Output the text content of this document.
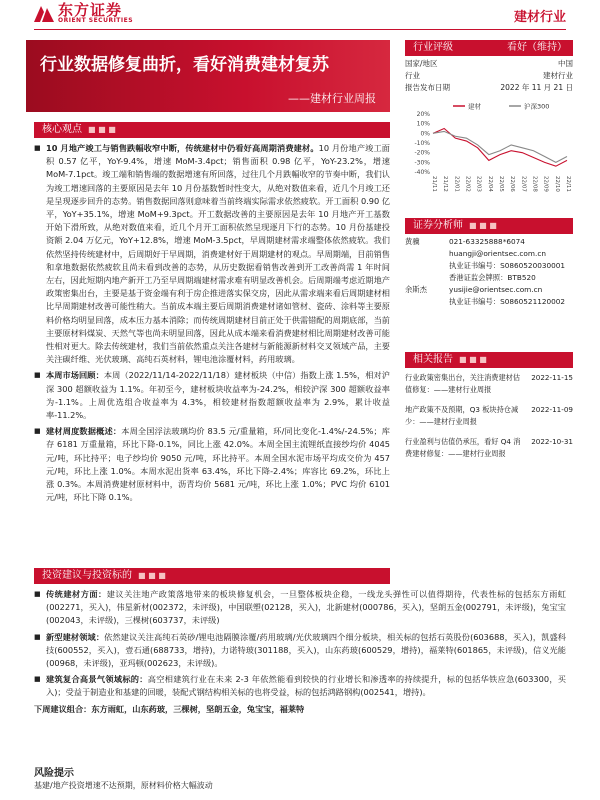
东方证券
ORIENT SECURITIES	建材行业
行业数据修复曲折，看好消费建材复苏
——建材行业周报
行业评级	看好（维持）
国家/地区	中国
行业	建材行业
报告发布日期	2022 年 11 月 21 日
建材	沪深300
20%
10%
0%
-10%
-20%
-30%
-40%
21/11 21/12 22/01 22/02 22/03 22/04 22/05 22/06 22/07 22/08 22/09 22/10 22/11
证券分析师 ■ ■ ■
黄骥	021-63325888*6074
huangji@orientsec.com.cn
执业证书编号：S0860520030001
香港证监会牌照：BTB520
余斯杰	yusijie@orientsec.com.cn
执业证书编号：S0860521120002
相关报告 ■ ■ ■
行业政策密集出台，关注消费建材估值修复：——建材行业周报
2022-11-15
地产政策不及预期，Q3 板块持仓减少：——建材行业周报
2022-11-09
行业盈利与估值仍承压，看好 Q4 消费建材修复：——建材行业周报
2022-10-31
核心观点 ■ ■ ■
■ 10 月地产竣工与销售跌幅收窄中断，传统建材中仍看好高周期消费建材。10 月份地产竣工面积 0.57 亿平，YoY-9.4%，增速 MoM-3.4pct；销售面积 0.98 亿平，YoY-23.2%，增速 MoM-7.1pct。竣工端和销售端的数据增速有所回落，过往几个月跌幅收窄的节奏中断，我们认为竣工增速回落的主要原因是去年 10 月份基数暂时性变大，从绝对数值来看，近几个月竣工还是呈现逐步回升的态势。销售数据回落则意味着当前终端实际需求依然疲软。开工面积 0.90 亿平，YoY+35.1%，增速 MoM+9.3pct。开工数据改善的主要原因是去年 10 月地产开工基数开始下滑所致，从绝对数值来看，近几个月开工面积依然呈现逐月下行的态势。10 月份基建投资额 2.04 万亿元，YoY+12.8%，增速 MoM-3.5pct，早周期建材需求端整体依然疲软。我们依然坚持传统建材中，后周期好于早周期，消费建材好于周期建材的观点。早周期端，目前销售和拿地数据依然疲软且尚未看到改善的态势，从历史数据看销售改善到开工改善尚需 1 年时间左右，因此短期内地产新开工乃至早周期端建材需求难有明显改善机会。后周期端考虑近期地产政策密集出台，主要是基于资金端有利于房企推进落实保交房，因此从需求端来看后周期建材相比早周期建材改善可能性稍大。当前成本端主要后周期消费建材诸如管材、瓷砖、涂料等主要原料价格均明显回落，成本压力基本消除；而传统周期建材目前正处于供需错配的周期底部，当前主要原材料煤炭、天然气等也尚未明显回落，因此从成本端来看消费建材相比周期建材改善可能性相对更大。除去传统建材，我们当前依然重点关注各建材与新能源新材料交叉领域产品，主要关注碳纤维、光伏玻璃、高纯石英材料，锂电池涂覆材料，药用玻璃。
■ 本周市场回顾：本周（2022/11/14-2022/11/18）建材板块（中信）指数上涨 1.5%，相对沪深 300 超额收益为 1.1%。年初至今，建材板块收益率为-24.2%，相较沪深 300 超额收益率为-1.1%。上周优选组合收益率为 4.3%，相较建材指数超额收益率为 2.9%，累计收益率-11.2%。
■ 建材周度数据概述：本周全国浮法玻璃均价 83.5 元/重量箱，环/同比变化-1.4%/-24.5%；库存 6181 万重量箱，环比下降-0.1%，同比上涨 42.0%。本周全国主流锂纸直接纱均价 4045 元/吨，环比持平；电子纱均价 9050 元/吨，环比持平。本周全国水泥市场平均成交价为 457 元/吨，环比上涨 1.0%。本周水泥出货率 63.4%，环比下降-2.4%；库容比 69.2%，环比上涨 0.3%。本周消费建材原材料中，沥青均价 5681 元/吨，环比上涨 1.0%；PVC 均价 6101 元/吨，环比下降 0.1%。
投资建议与投资标的 ■ ■ ■
■ 传统建材方面：建议关注地产政策落地带来的板块修复机会，一旦整体板块企稳，一线龙头弹性可以值得期待，代表性标的包括东方雨虹(002271，买入)，伟星新材(002372，未评级)，中国联塑(02128，买入)，北新建材(000786，买入)，坚朗五金(002791，未评级)，兔宝宝(002043，未评级)，三棵树(603737，未评级)
■ 新型建材领域：依然建议关注高纯石英砂/锂电池隔膜涂覆/药用玻璃/光伏玻璃四个细分板块，相关标的包括石英股份(603688，买入)，凯盛科技(600552，买入)，壹石通(688733，增持)，力诺特玻(301188，买入)，山东药玻(600529，增持)，福莱特(601865，未评级)，信义光能(00968，未评级)，亚玛顿(002623，未评级)。
■ 建筑复合高景气领域标的：高空相建筑行业在未来 2-3 年依然能看到较快的行业增长和渗透率的持续提升，标的包括华铁应急(603300，买入)；受益于制造业和基建的回暖，装配式钢结构相关标的也将受益，标的包括鸿路钢构(002541，增持)。
下周建议组合：东方雨虹，山东药玻，三棵树，坚朗五金，兔宝宝，福莱特
风险提示
基建/地产投资增速不达预期，原材料价格大幅波动
